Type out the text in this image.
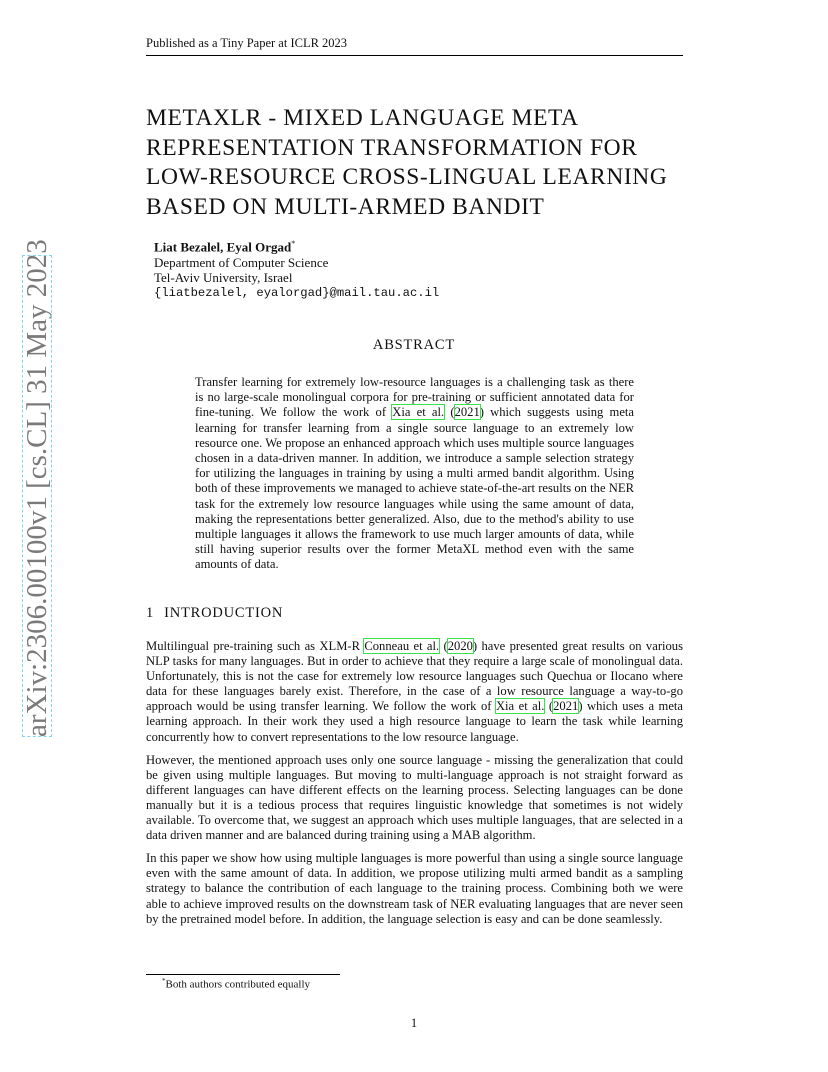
Published as a Tiny Paper at ICLR 2023
arXiv:2306.00100v1 [cs.CL] 31 May 2023
METAXLR - MIXED LANGUAGE META REPRESENTATION TRANSFORMATION FOR LOW-RESOURCE CROSS-LINGUAL LEARNING BASED ON MULTI-ARMED BANDIT
Liat Bezalel, Eyal Orgad*
Department of Computer Science
Tel-Aviv University, Israel
{liatbezalel, eyalorgad}@mail.tau.ac.il
ABSTRACT

Transfer learning for extremely low-resource languages is a challenging task as there is no large-scale monolingual corpora for pre-training or sufficient annotated data for fine-tuning. We follow the work of Xia et al. (2021) which suggests using meta learning for transfer learning from a single source language to an extremely low resource one. We propose an enhanced approach which uses multiple source languages chosen in a data-driven manner. In addition, we introduce a sample selection strategy for utilizing the languages in training by using a multi armed bandit algorithm. Using both of these improvements we managed to achieve state-of-the-art results on the NER task for the extremely low resource languages while using the same amount of data, making the representations better generalized. Also, due to the method's ability to use multiple languages it allows the framework to use much larger amounts of data, while still having superior results over the former MetaXL method even with the same amounts of data.

1 INTRODUCTION

Multilingual pre-training such as XLM-R Conneau et al. (2020) have presented great results on various NLP tasks for many languages. But in order to achieve that they require a large scale of monolingual data. Unfortunately, this is not the case for extremely low resource languages such Quechua or Ilocano where data for these languages barely exist. Therefore, in the case of a low resource language a way-to-go approach would be using transfer learning. We follow the work of Xia et al. (2021) which uses a meta learning approach. In their work they used a high resource language to learn the task while learning concurrently how to convert representations to the low resource language.

However, the mentioned approach uses only one source language - missing the generalization that could be given using multiple languages. But moving to multi-language approach is not straight forward as different languages can have different effects on the learning process. Selecting languages can be done manually but it is a tedious process that requires linguistic knowledge that sometimes is not widely available. To overcome that, we suggest an approach which uses multiple languages, that are selected in a data driven manner and are balanced during training using a MAB algorithm.

In this paper we show how using multiple languages is more powerful than using a single source language even with the same amount of data. In addition, we propose utilizing multi armed bandit as a sampling strategy to balance the contribution of each language to the training process. Combining both we were able to achieve improved results on the downstream task of NER evaluating languages that are never seen by the pretrained model before. In addition, the language selection is easy and can be done seamlessly.

*Both authors contributed equally
1
